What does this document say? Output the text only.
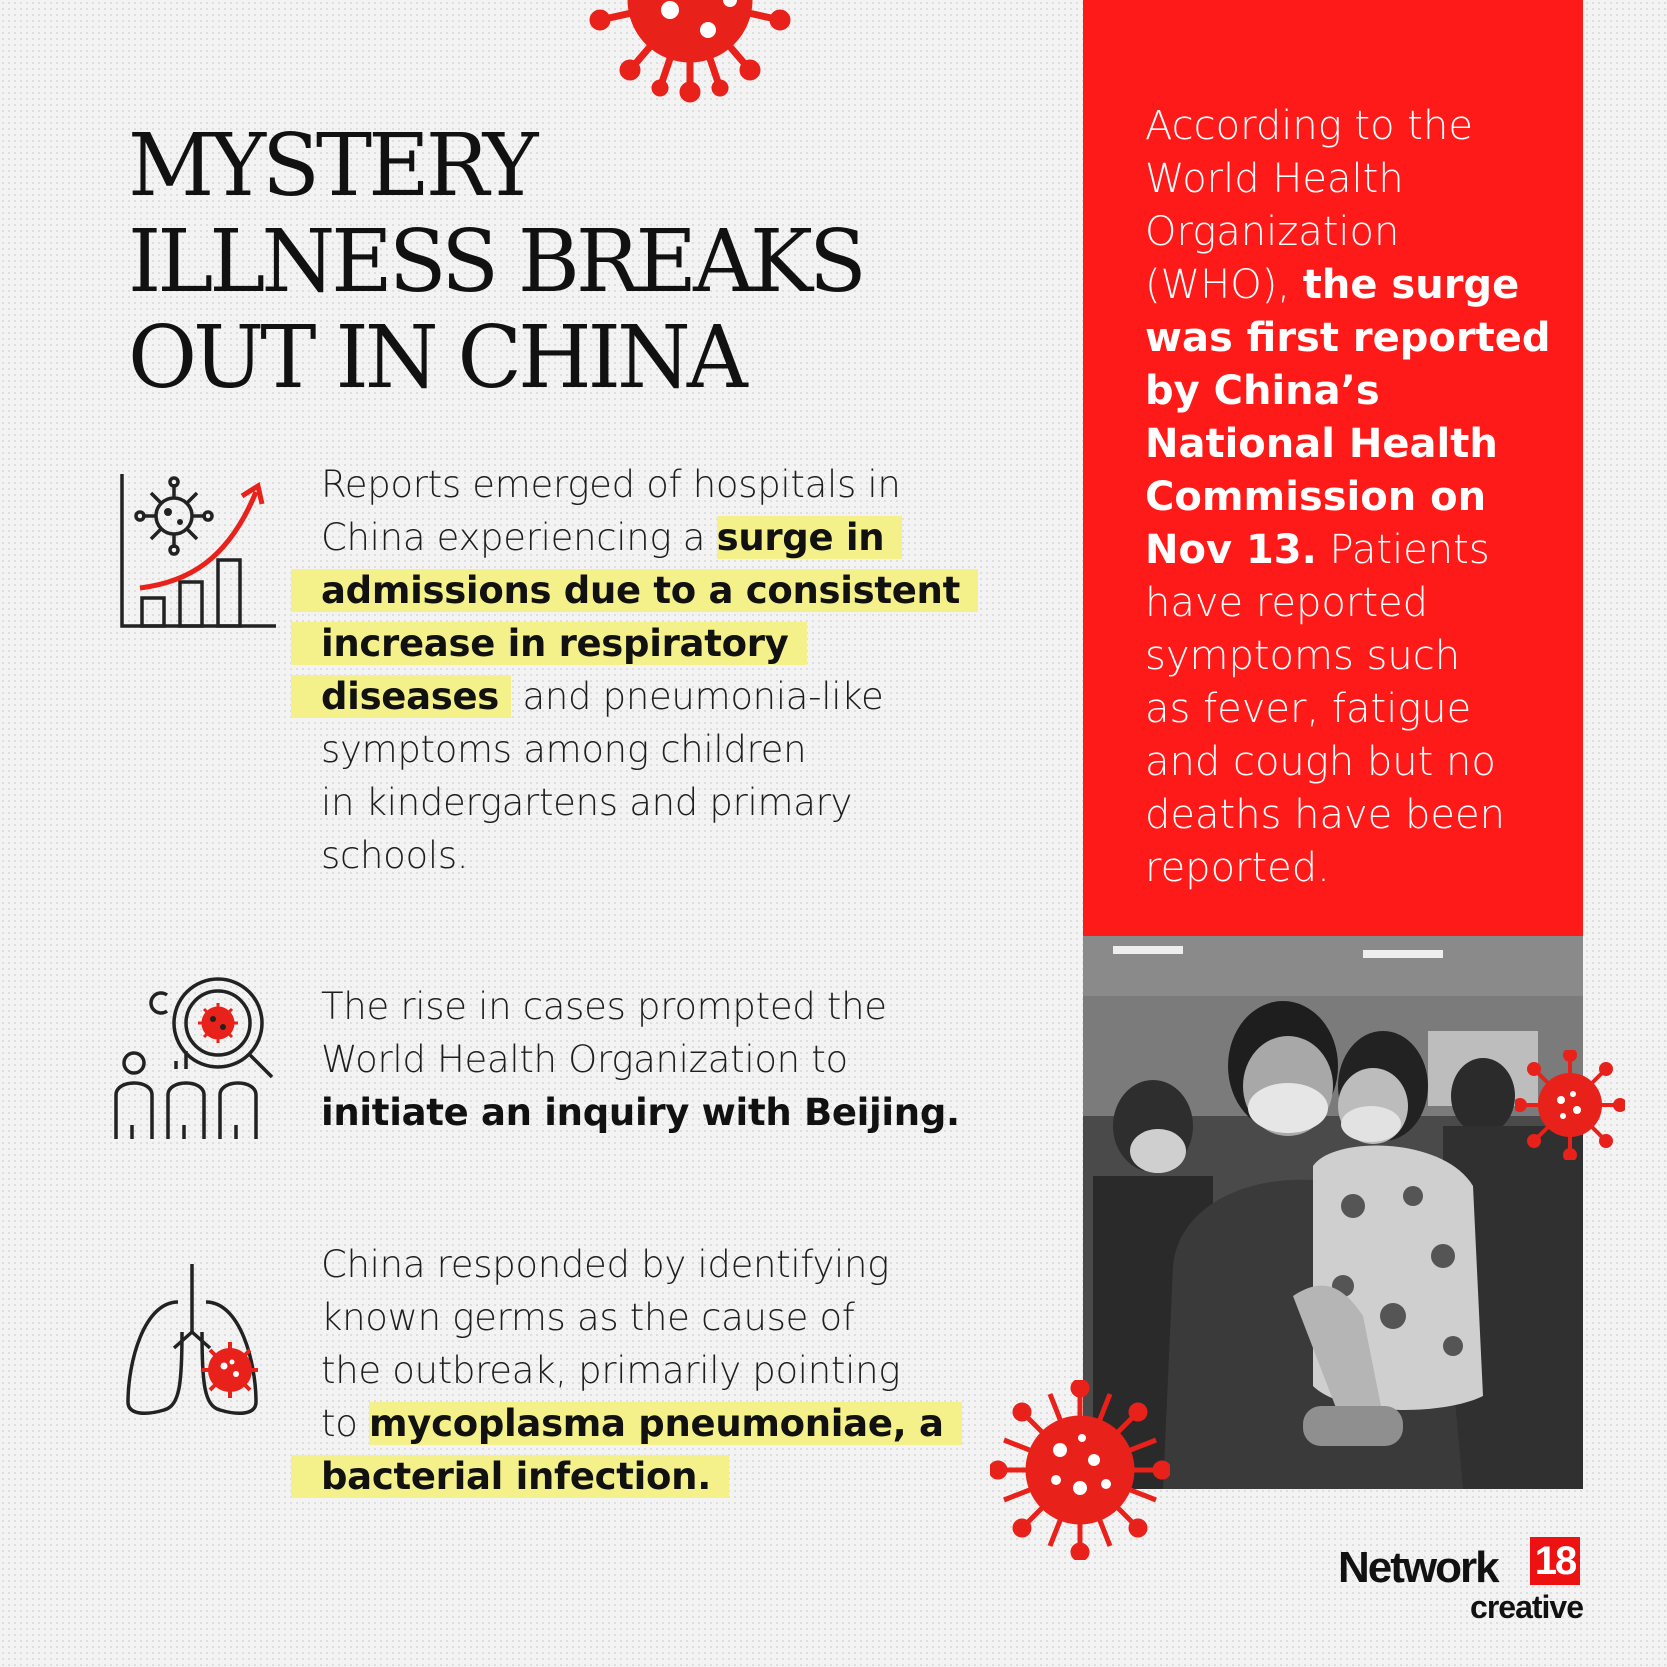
MYSTERY
ILLNESS BREAKS
OUT IN CHINA

Reports emerged of hospitals in
China experiencing a surge in
admissions due to a consistent
increase in respiratory
diseases and pneumonia-like
symptoms among children
in kindergartens and primary
schools.

The rise in cases prompted the
World Health Organization to
initiate an inquiry with Beijing.

China responded by identifying
known germs as the cause of
the outbreak, primarily pointing
to mycoplasma pneumoniae, a
bacterial infection.

According to the
World Health
Organization
(WHO), the surge
was first reported
by China’s
National Health
Commission on
Nov 13. Patients
have reported
symptoms such
as fever, fatigue
and cough but no
deaths have been
reported.

Network 18
creative
